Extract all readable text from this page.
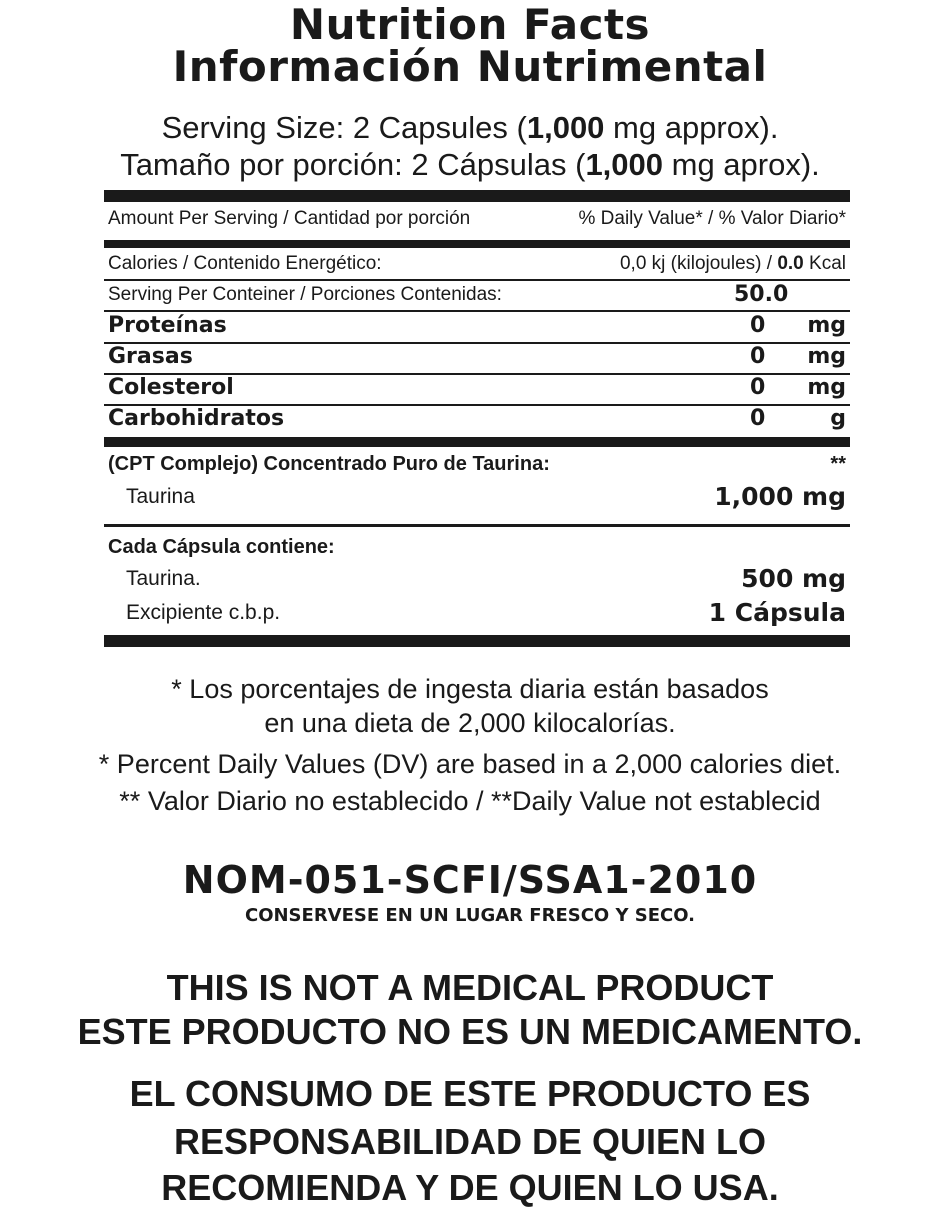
Nutrition Facts
Información Nutrimental
Serving Size: 2 Capsules (1,000 mg approx).
Tamaño por porción: 2 Cápsulas (1,000 mg aprox).
Amount Per Serving / Cantidad por porción	% Daily Value* / % Valor Diario*
Calories / Contenido Energético:	0,0 kj (kilojoules) / 0.0 Kcal
Serving Per Conteiner / Porciones Contenidas:	50.0
Proteínas	0 mg
Grasas	0 mg
Colesterol	0 mg
Carbohidratos	0	g
(CPT Complejo) Concentrado Puro de Taurina:	**
Taurina	1,000 mg
Cada Cápsula contiene:
Taurina.	500 mg
Excipiente c.b.p.	1 Cápsula
* Los porcentajes de ingesta diaria están basados
en una dieta de 2,000 kilocalorías.
* Percent Daily Values (DV) are based in a 2,000 calories diet.
** Valor Diario no establecido / **Daily Value not establecid
NOM-051-SCFI/SSA1-2010
CONSERVESE EN UN LUGAR FRESCO Y SECO.
THIS IS NOT A MEDICAL PRODUCT
ESTE PRODUCTO NO ES UN MEDICAMENTO.
EL CONSUMO DE ESTE PRODUCTO ES
RESPONSABILIDAD DE QUIEN LO
RECOMIENDA Y DE QUIEN LO USA.
